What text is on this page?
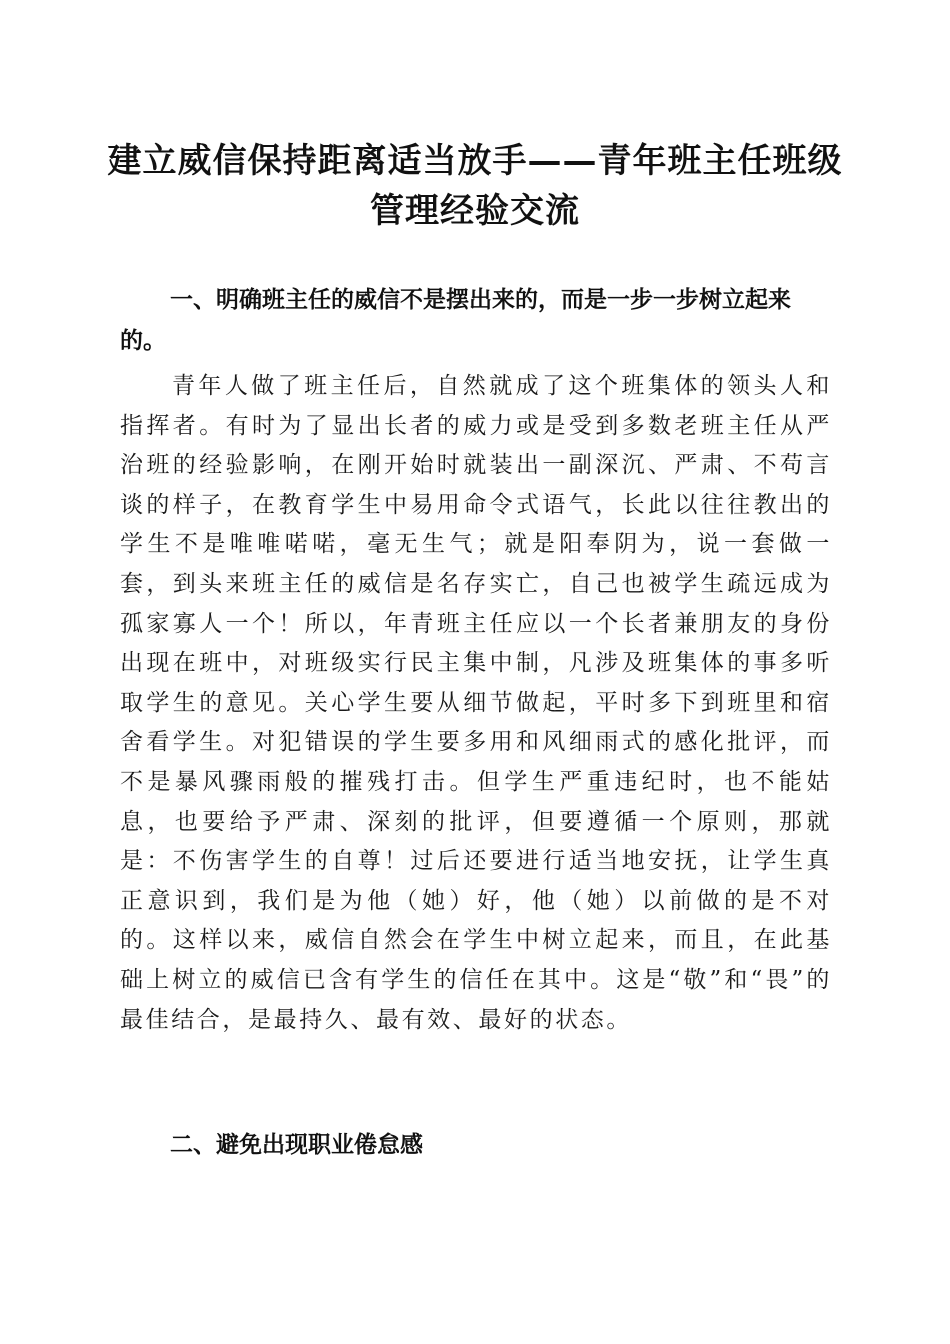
建立威信保持距离适当放手——青年班主任班级管理经验交流

一、明确班主任的威信不是摆出来的，而是一步一步树立起来的。

青年人做了班主任后，自然就成了这个班集体的领头人和指挥者。有时为了显出长者的威力或是受到多数老班主任从严治班的经验影响，在刚开始时就装出一副深沉、严肃、不苟言谈的样子，在教育学生中易用命令式语气，长此以往往教出的学生不是唯唯喏喏，毫无生气；就是阳奉阴为，说一套做一套，到头来班主任的威信是名存实亡，自己也被学生疏远成为孤家寡人一个！所以，年青班主任应以一个长者兼朋友的身份出现在班中，对班级实行民主集中制，凡涉及班集体的事多听取学生的意见。关心学生要从细节做起，平时多下到班里和宿舍看学生。对犯错误的学生要多用和风细雨式的感化批评，而不是暴风骤雨般的摧残打击。但学生严重违纪时，也不能姑息，也要给予严肃、深刻的批评，但要遵循一个原则，那就是：不伤害学生的自尊！过后还要进行适当地安抚，让学生真正意识到，我们是为他（她）好，他（她）以前做的是不对的。这样以来，威信自然会在学生中树立起来，而且，在此基础上树立的威信已含有学生的信任在其中。这是“敬”和“畏”的最佳结合，是最持久、最有效、最好的状态。

二、避免出现职业倦怠感
